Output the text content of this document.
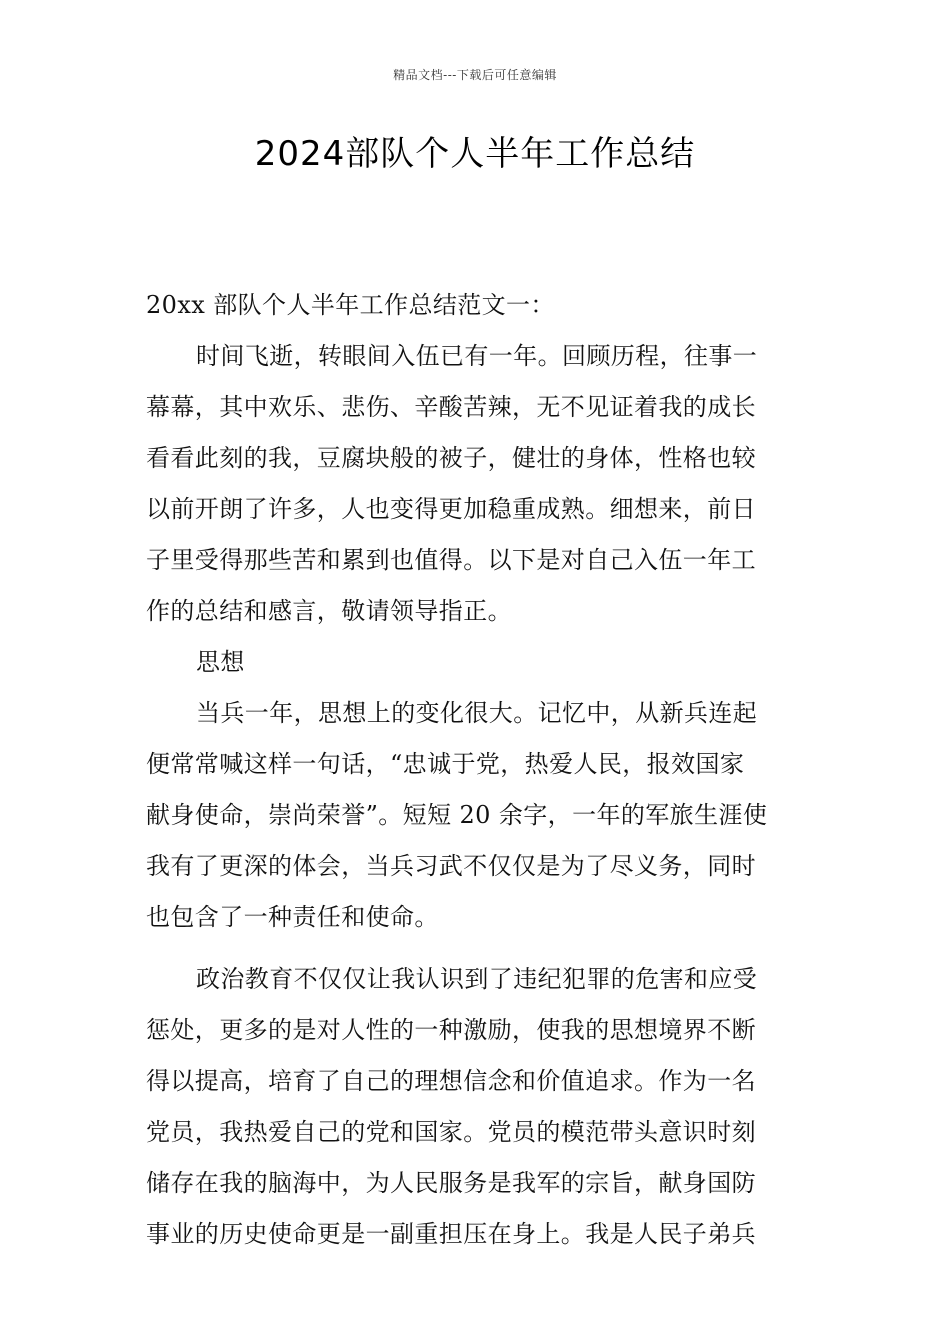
精品文档---下载后可任意编辑
2024部队个人半年工作总结
20xx 部队个人半年工作总结范文一：
时间飞逝，转眼间入伍已有一年。回顾历程，往事一
幕幕，其中欢乐、悲伤、辛酸苦辣，无不见证着我的成长
看看此刻的我，豆腐块般的被子，健壮的身体，性格也较
以前开朗了许多，人也变得更加稳重成熟。细想来，前日
子里受得那些苦和累到也值得。以下是对自己入伍一年工
作的总结和感言，敬请领导指正。
思想
当兵一年，思想上的变化很大。记忆中，从新兵连起
便常常喊这样一句话，“忠诚于党，热爱人民，报效国家
献身使命，崇尚荣誉”。短短 20 余字，一年的军旅生涯使
我有了更深的体会，当兵习武不仅仅是为了尽义务，同时
也包含了一种责任和使命。
政治教育不仅仅让我认识到了违纪犯罪的危害和应受
惩处，更多的是对人性的一种激励，使我的思想境界不断
得以提高，培育了自己的理想信念和价值追求。作为一名
党员，我热爱自己的党和国家。党员的模范带头意识时刻
储存在我的脑海中，为人民服务是我军的宗旨，献身国防
事业的历史使命更是一副重担压在身上。我是人民子弟兵
